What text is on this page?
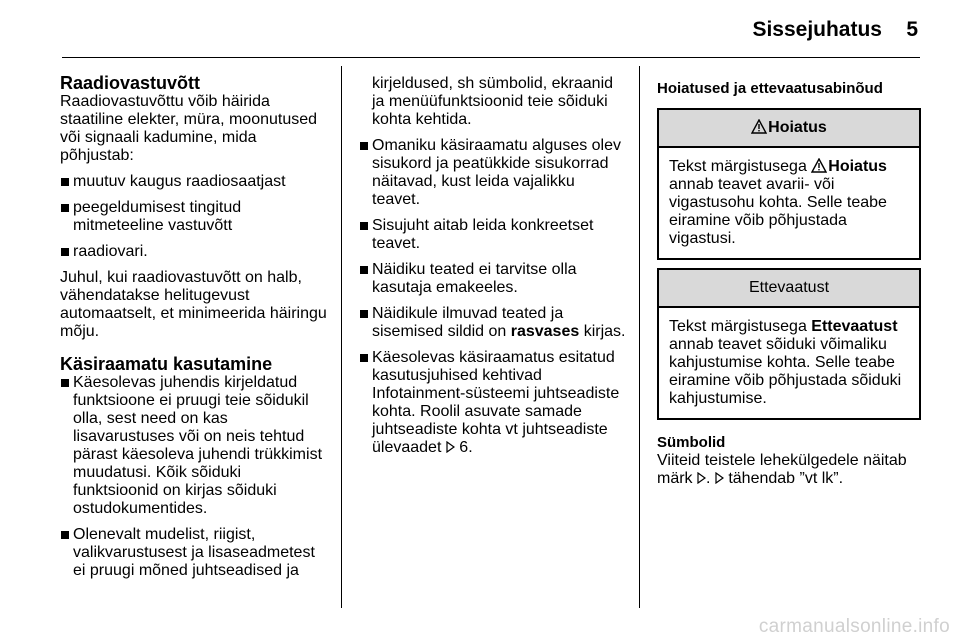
Sissejuhatus 5
Raadiovastuvõtt

Raadiovastuvõttu võib häirida staatiline elekter, müra, moonutused või signaali kadumine, mida põhjustab:

muutuv kaugus raadiosaatjast
peegeldumisest tingitud mitmeteeline vastuvõtt
raadiovari.

Juhul, kui raadiovastuvõtt on halb, vähendatakse helitugevust automaatselt, et minimeerida häiringu mõju.

Käsiraamatu kasutamine
Käesolevas juhendis kirjeldatud funktsioone ei pruugi teie sõidukil olla, sest need on kas lisavarustuses või on neis tehtud pärast käesoleva juhendi trükkimist muudatusi. Kõik sõiduki funktsioonid on kirjas sõiduki ostudokumentides.
Olenevalt mudelist, riigist, valikvarustusest ja lisaseadmetest ei pruugi mõned juhtseadised ja

kirjeldused, sh sümbolid, ekraanid ja menüüfunktsioonid teie sõiduki kohta kehtida.

Omaniku käsiraamatu alguses olev sisukord ja peatükkide sisukorrad näitavad, kust leida vajalikku teavet.
Sisujuht aitab leida konkreetset teavet.
Näidiku teated ei tarvitse olla kasutaja emakeeles.
Näidikule ilmuvad teated ja sisemised sildid on rasvases kirjas.
Käesolevas käsiraamatus esitatud kasutusjuhised kehtivad Infotainment-süsteemi juhtseadiste kohta. Roolil asuvate samade juhtseadiste kohta vt juhtseadiste ülevaadet  6.
Hoiatused ja ettevaatusabinõud
Hoiatus
Tekst märgistusega Hoiatus annab teavet avarii- või vigastusohu kohta. Selle teabe eiramine võib põhjustada vigastusi.
Ettevaatust
Tekst märgistusega Ettevaatust annab teavet sõiduki võimaliku kahjustumise kohta. Selle teabe eiramine võib põhjustada sõiduki kahjustumise.
Sümbolid

Viiteid teistele lehekülgedele näitab märk .  tähendab ”vt lk”.

carmanualsonline.info
